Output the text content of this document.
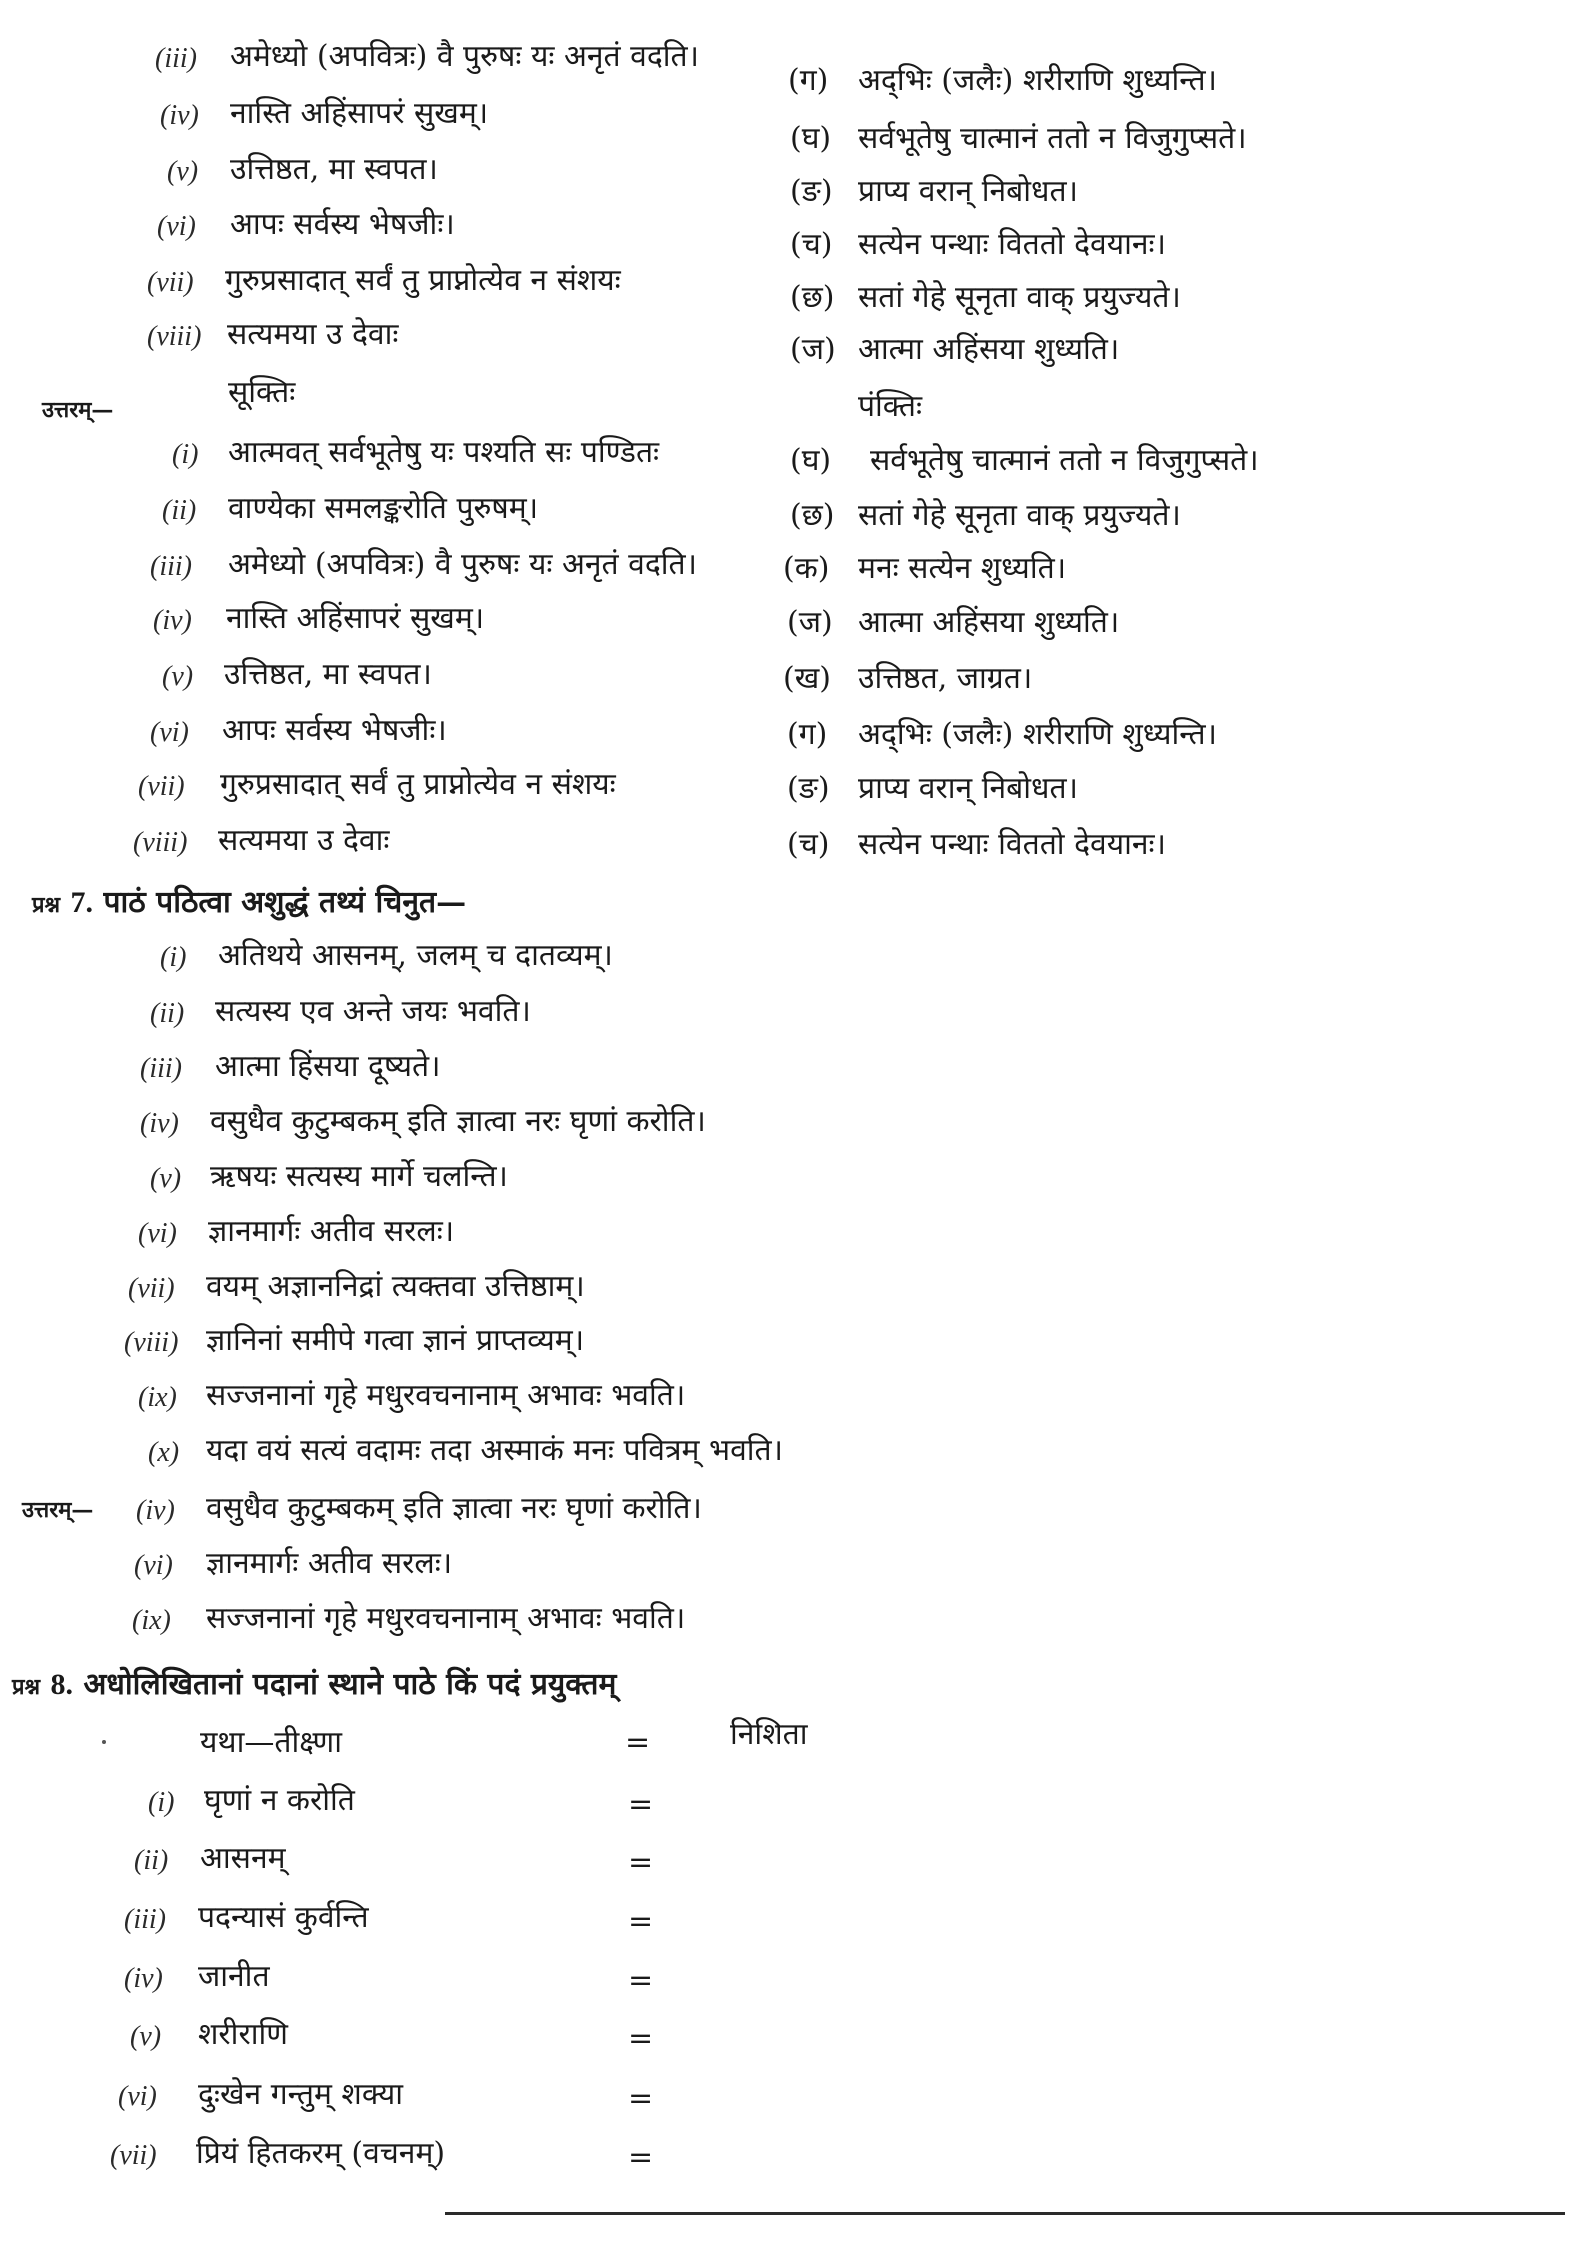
(iii) अमेध्यो (अपवित्रः) वै पुरुषः यः अनृतं वदति।
(iv) नास्ति अहिंसापरं सुखम्।
(v) उत्तिष्ठत, मा स्वपत।
(vi) आपः सर्वस्य भेषजीः।
(vii) गुरुप्रसादात् सर्वं तु प्राप्नोत्येव न संशयः
(viii) सत्यमया उ देवाः
(ग) अद्‌भिः (जलैः) शरीराणि शुध्यन्ति।
(घ) सर्वभूतेषु चात्मानं ततो न विजुगुप्सते।
(ङ) प्राप्य वरान् निबोधत।
(च) सत्येन पन्थाः विततो देवयानः।
(छ) सतां गेहे सूनृता वाक् प्रयुज्यते।
(ज) आत्मा अहिंसया शुध्यति।
उत्तरम्—	सूक्तिः	पंक्तिः
(i) आत्मवत् सर्वभूतेषु यः पश्यति सः पण्डितः	(घ) सर्वभूतेषु चात्मानं ततो न विजुगुप्सते।
(ii) वाण्येका समलङ्करोति पुरुषम्।	(छ) सतां गेहे सूनृता वाक् प्रयुज्यते।
(iii) अमेध्यो (अपवित्रः) वै पुरुषः यः अनृतं वदति।	(क) मनः सत्येन शुध्यति।
(iv) नास्ति अहिंसापरं सुखम्।	(ज) आत्मा अहिंसया शुध्यति।
(v) उत्तिष्ठत, मा स्वपत।	(ख) उत्तिष्ठत, जाग्रत।
(vi) आपः सर्वस्य भेषजीः।	(ग) अद्‌भिः (जलैः) शरीराणि शुध्यन्ति।
(vii) गुरुप्रसादात् सर्वं तु प्राप्नोत्येव न संशयः	(ङ) प्राप्य वरान् निबोधत।
(viii) सत्यमया उ देवाः	(च) सत्येन पन्थाः विततो देवयानः।
प्रश्न 7. पाठं पठित्वा अशुद्धं तथ्यं चिनुत—
(i) अतिथये आसनम्, जलम् च दातव्यम्।
(ii) सत्यस्य एव अन्ते जयः भवति।
(iii) आत्मा हिंसया दूष्यते।
(iv) वसुधैव कुटुम्बकम् इति ज्ञात्वा नरः घृणां करोति।
(v) ऋषयः सत्यस्य मार्गे चलन्ति।
(vi) ज्ञानमार्गः अतीव सरलः।
(vii) वयम् अज्ञाननिद्रां त्यक्तवा उत्तिष्ठाम्।
(viii) ज्ञानिनां समीपे गत्वा ज्ञानं प्राप्तव्यम्।
(ix) सज्जनानां गृहे मधुरवचनानाम् अभावः भवति।
(x) यदा वयं सत्यं वदामः तदा अस्माकं मनः पवित्रम् भवति।
उत्तरम्— (iv) वसुधैव कुटुम्बकम् इति ज्ञात्वा नरः घृणां करोति।
(vi) ज्ञानमार्गः अतीव सरलः।
(ix) सज्जनानां गृहे मधुरवचनानाम् अभावः भवति।
प्रश्न 8. अधोलिखितानां पदानां स्थाने पाठे किं पदं प्रयुक्तम्
यथा—तीक्ष्णा	=	निशिता
(i) घृणां न करोति	=
(ii) आसनम्	=
(iii) पदन्यासं कुर्वन्ति	=
(iv) जानीत	=
(v) शरीराणि	=
(vi) दुःखेन गन्तुम् शक्या	=
(vii) प्रियं हितकरम् (वचनम्)	=
